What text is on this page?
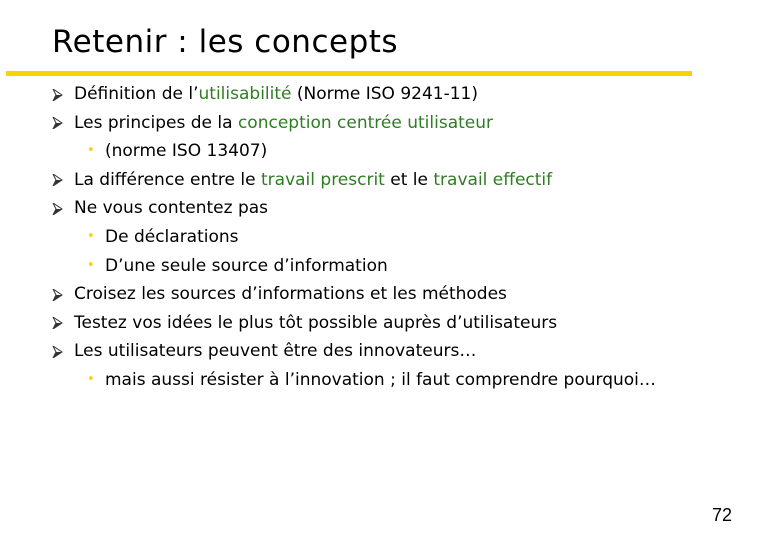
Retenir : les concepts
Définition de l’utilisabilité (Norme ISO 9241-11)
Les principes de la conception centrée utilisateur
• (norme ISO 13407)
La différence entre le travail prescrit et le travail effectif
Ne vous contentez pas
• De déclarations
• D’une seule source d’information
Croisez les sources d’informations et les méthodes
Testez vos idées le plus tôt possible auprès d’utilisateurs
Les utilisateurs peuvent être des innovateurs…
• mais aussi résister à l’innovation ; il faut comprendre pourquoi…
72
